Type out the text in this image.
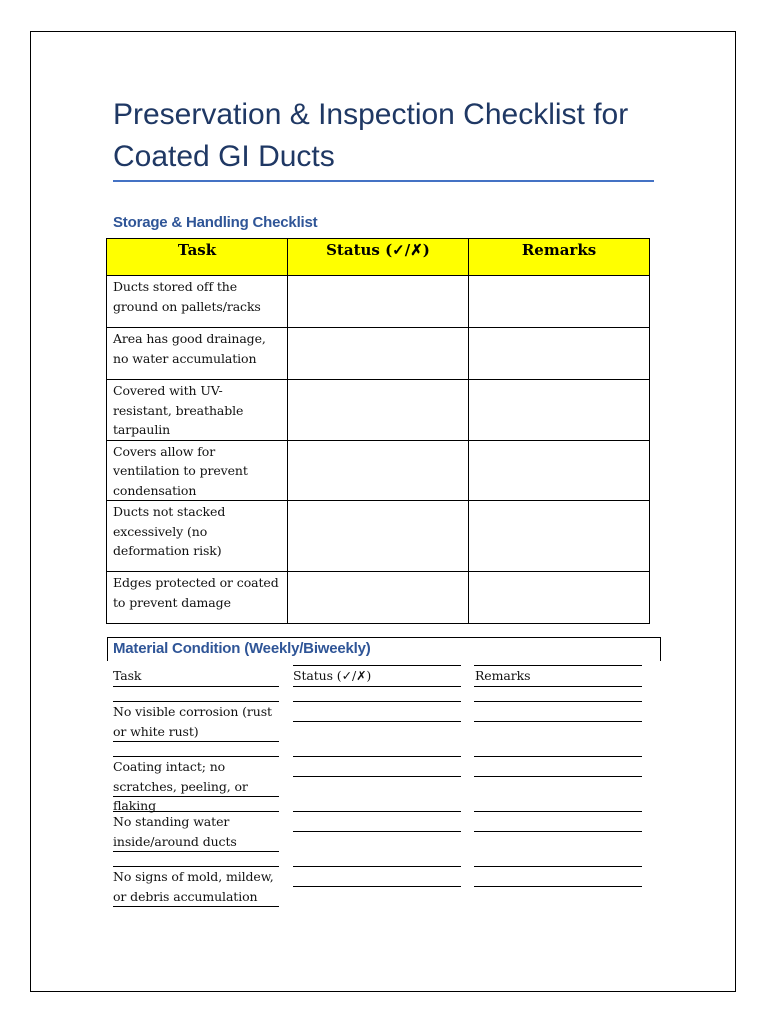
Preservation & Inspection Checklist for Coated GI Ducts
Storage & Handling Checklist
Task	Status (✓/✗)	Remarks
Ducts stored off the ground on pallets/racks		
Area has good drainage, no water accumulation		
Covered with UV-resistant, breathable tarpaulin		
Covers allow for ventilation to prevent condensation		
Ducts not stacked excessively (no deformation risk)		
Edges protected or coated to prevent damage		
Material Condition (Weekly/Biweekly)

Task	Status (✓/✗)	Remarks

No visible corrosion (rust or white rust)

Coating intact; no scratches, peeling, or flaking

No standing water inside/around ducts

No signs of mold, mildew, or debris accumulation
